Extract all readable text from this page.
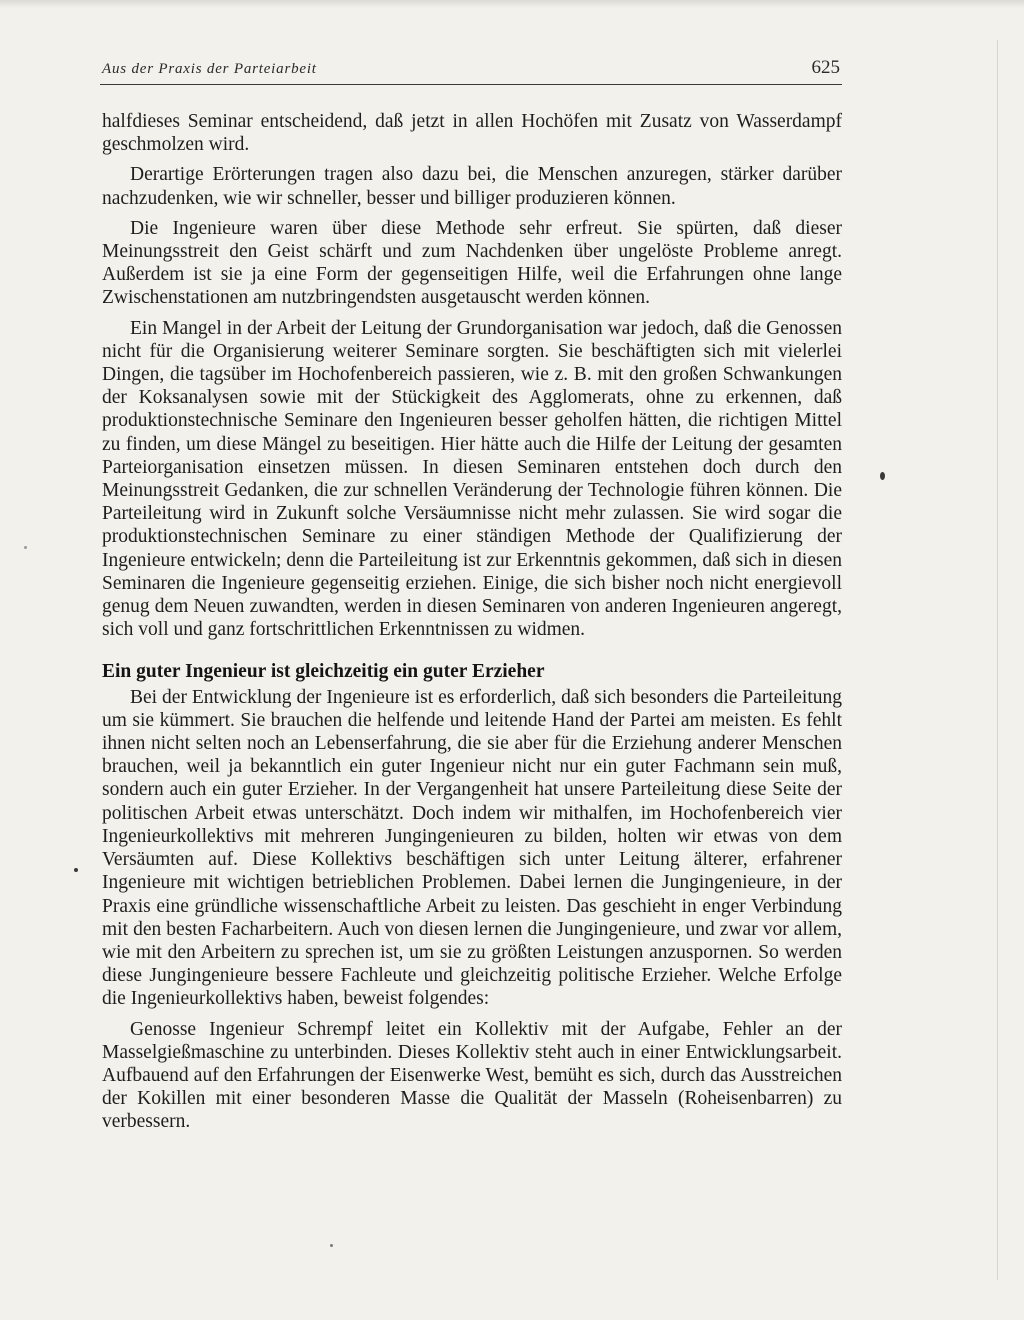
Aus der Praxis der Parteiarbeit	625

halfdieses Seminar entscheidend, daß jetzt in allen Hochöfen mit Zusatz von Wasserdampf geschmolzen wird.

Derartige Erörterungen tragen also dazu bei, die Menschen anzuregen, stärker darüber nachzudenken, wie wir schneller, besser und billiger produzieren können.

Die Ingenieure waren über diese Methode sehr erfreut. Sie spürten, daß dieser Meinungsstreit den Geist schärft und zum Nachdenken über ungelöste Probleme anregt. Außerdem ist sie ja eine Form der gegenseitigen Hilfe, weil die Erfahrungen ohne lange Zwischenstationen am nutzbringendsten ausgetauscht werden können.

Ein Mangel in der Arbeit der Leitung der Grundorganisation war jedoch, daß die Genossen nicht für die Organisierung weiterer Seminare sorgten. Sie beschäftigten sich mit vielerlei Dingen, die tagsüber im Hochofenbereich passieren, wie z. B. mit den großen Schwankungen der Koksanalysen sowie mit der Stückigkeit des Agglomerats, ohne zu erkennen, daß produktionstechnische Seminare den Ingenieuren besser geholfen hätten, die richtigen Mittel zu finden, um diese Mängel zu beseitigen. Hier hätte auch die Hilfe der Leitung der gesamten Parteiorganisation einsetzen müssen. In diesen Seminaren entstehen doch durch den Meinungsstreit Gedanken, die zur schnellen Veränderung der Technologie führen können. Die Parteileitung wird in Zukunft solche Versäumnisse nicht mehr zulassen. Sie wird sogar die produktionstechnischen Seminare zu einer ständigen Methode der Qualifizierung der Ingenieure entwickeln; denn die Parteileitung ist zur Erkenntnis gekommen, daß sich in diesen Seminaren die Ingenieure gegenseitig erziehen. Einige, die sich bisher noch nicht energievoll genug dem Neuen zuwandten, werden in diesen Seminaren von anderen Ingenieuren angeregt, sich voll und ganz fortschrittlichen Erkenntnissen zu widmen.

Ein guter Ingenieur ist gleichzeitig ein guter Erzieher

Bei der Entwicklung der Ingenieure ist es erforderlich, daß sich besonders die Parteileitung um sie kümmert. Sie brauchen die helfende und leitende Hand der Partei am meisten. Es fehlt ihnen nicht selten noch an Lebenserfahrung, die sie aber für die Erziehung anderer Menschen brauchen, weil ja bekanntlich ein guter Ingenieur nicht nur ein guter Fachmann sein muß, sondern auch ein guter Erzieher. In der Vergangenheit hat unsere Parteileitung diese Seite der politischen Arbeit etwas unterschätzt. Doch indem wir mithalfen, im Hochofenbereich vier Ingenieurkollektivs mit mehreren Jungingenieuren zu bilden, holten wir etwas von dem Versäumten auf. Diese Kollektivs beschäftigen sich unter Leitung älterer, erfahrener Ingenieure mit wichtigen betrieblichen Problemen. Dabei lernen die Jungingenieure, in der Praxis eine gründliche wissenschaftliche Arbeit zu leisten. Das geschieht in enger Verbindung mit den besten Facharbeitern. Auch von diesen lernen die Jungingenieure, und zwar vor allem, wie mit den Arbeitern zu sprechen ist, um sie zu größten Leistungen anzuspornen. So werden diese Jungingenieure bessere Fachleute und gleichzeitig politische Erzieher. Welche Erfolge die Ingenieurkollektivs haben, beweist folgendes:

Genosse Ingenieur Schrempf leitet ein Kollektiv mit der Aufgabe, Fehler an der Masselgießmaschine zu unterbinden. Dieses Kollektiv steht auch in einer Entwicklungsarbeit. Aufbauend auf den Erfahrungen der Eisenwerke West, bemüht es sich, durch das Ausstreichen der Kokillen mit einer besonderen Masse die Qualität der Masseln (Roheisenbarren) zu verbessern.
